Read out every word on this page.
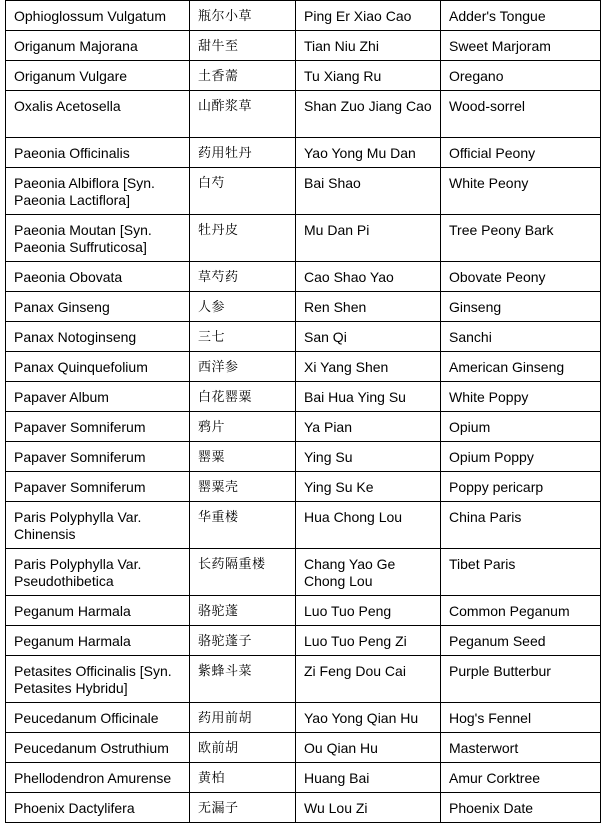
Ophioglossum Vulgatum	瓶尔小草	Ping Er Xiao Cao	Adder's Tongue
Origanum Majorana	甜牛至	Tian Niu Zhi	Sweet Marjoram
Origanum Vulgare	土香薷	Tu Xiang Ru	Oregano
Oxalis Acetosella	山酢浆草	Shan Zuo Jiang Cao	Wood-sorrel
Paeonia Officinalis	药用牡丹	Yao Yong Mu Dan	Official Peony
Paeonia Albiflora [Syn. Paeonia Lactiflora]	白芍	Bai Shao	White Peony
Paeonia Moutan [Syn. Paeonia Suffruticosa]	牡丹皮	Mu Dan Pi	Tree Peony Bark
Paeonia Obovata	草芍药	Cao Shao Yao	Obovate Peony
Panax Ginseng	人参	Ren Shen	Ginseng
Panax Notoginseng	三七	San Qi	Sanchi
Panax Quinquefolium	西洋参	Xi Yang Shen	American Ginseng
Papaver Album	白花罂粟	Bai Hua Ying Su	White Poppy
Papaver Somniferum	鸦片	Ya Pian	Opium
Papaver Somniferum	罂粟	Ying Su	Opium Poppy
Papaver Somniferum	罂粟壳	Ying Su Ke	Poppy pericarp
Paris Polyphylla Var. Chinensis	华重楼	Hua Chong Lou	China Paris
Paris Polyphylla Var. Pseudothibetica	长药隔重楼	Chang Yao Ge Chong Lou	Tibet Paris
Peganum Harmala	骆驼蓬	Luo Tuo Peng	Common Peganum
Peganum Harmala	骆驼蓬子	Luo Tuo Peng Zi	Peganum Seed
Petasites Officinalis [Syn. Petasites Hybridu]	紫蜂斗菜	Zi Feng Dou Cai	Purple Butterbur
Peucedanum Officinale	药用前胡	Yao Yong Qian Hu	Hog's Fennel
Peucedanum Ostruthium	欧前胡	Ou Qian Hu	Masterwort
Phellodendron Amurense	黄柏	Huang Bai	Amur Corktree
Phoenix Dactylifera	无漏子	Wu Lou Zi	Phoenix Date
